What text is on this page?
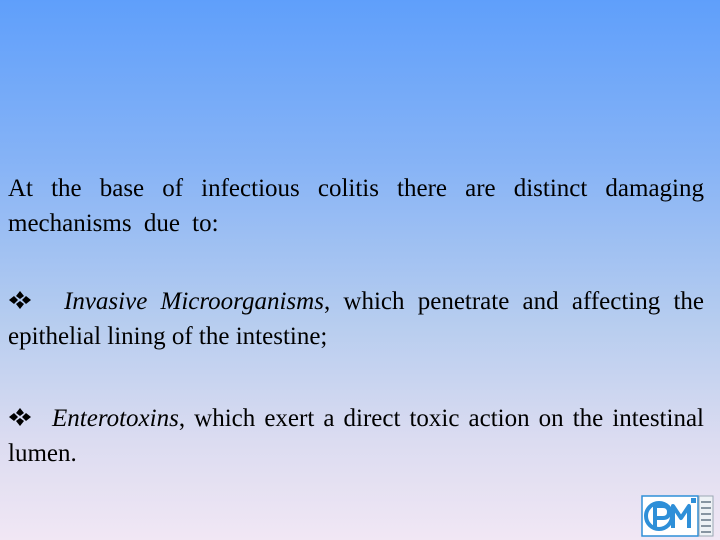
At the base of infectious colitis there are distinct damaging mechanisms due to:

Invasive Microorganisms, which penetrate and affecting the epithelial lining of the intestine;

Enterotoxins, which exert a direct toxic action on the intestinal lumen.
